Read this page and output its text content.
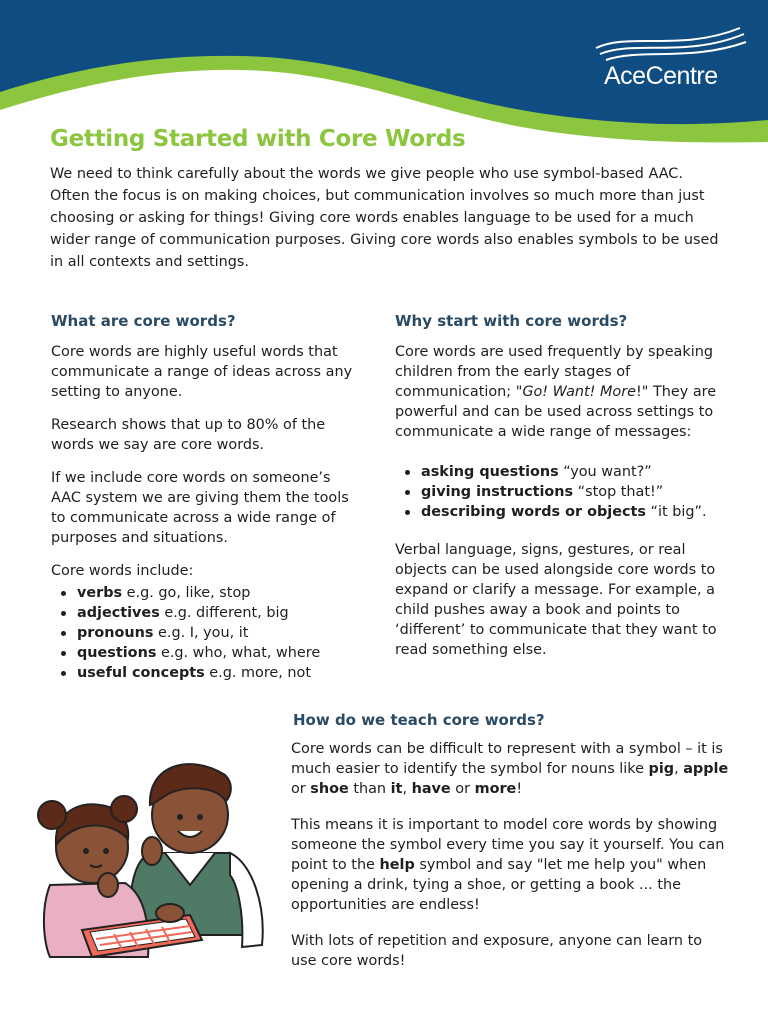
AceCentre
Getting Started with Core Words

We need to think carefully about the words we give people who use symbol-based AAC. Often the focus is on making choices, but communication involves so much more than just choosing or asking for things! Giving core words enables language to be used for a much wider range of communication purposes. Giving core words also enables symbols to be used in all contexts and settings.

What are core words?

Core words are highly useful words that communicate a range of ideas across any setting to anyone.

Research shows that up to 80% of the words we say are core words.

If we include core words on someone’s AAC system we are giving them the tools to communicate across a wide range of purposes and situations.

Core words include:

verbs e.g. go, like, stop
adjectives e.g. different, big
pronouns e.g. I, you, it
questions e.g. who, what, where
useful concepts e.g. more, not
Why start with core words?

Core words are used frequently by speaking children from the early stages of communication; "Go! Want! More!" They are powerful and can be used across settings to communicate a wide range of messages:

asking questions “you want?”
giving instructions “stop that!”
describing words or objects “it big”.

Verbal language, signs, gestures, or real objects can be used alongside core words to expand or clarify a message. For example, a child pushes away a book and points to ‘different’ to communicate that they want to read something else.

How do we teach core words?

Core words can be difficult to represent with a symbol – it is much easier to identify the symbol for nouns like pig, apple or shoe than it, have or more!

This means it is important to model core words by showing someone the symbol every time you say it yourself. You can point to the help symbol and say "let me help you" when opening a drink, tying a shoe, or getting a book ... the opportunities are endless!

With lots of repetition and exposure, anyone can learn to use core words!
